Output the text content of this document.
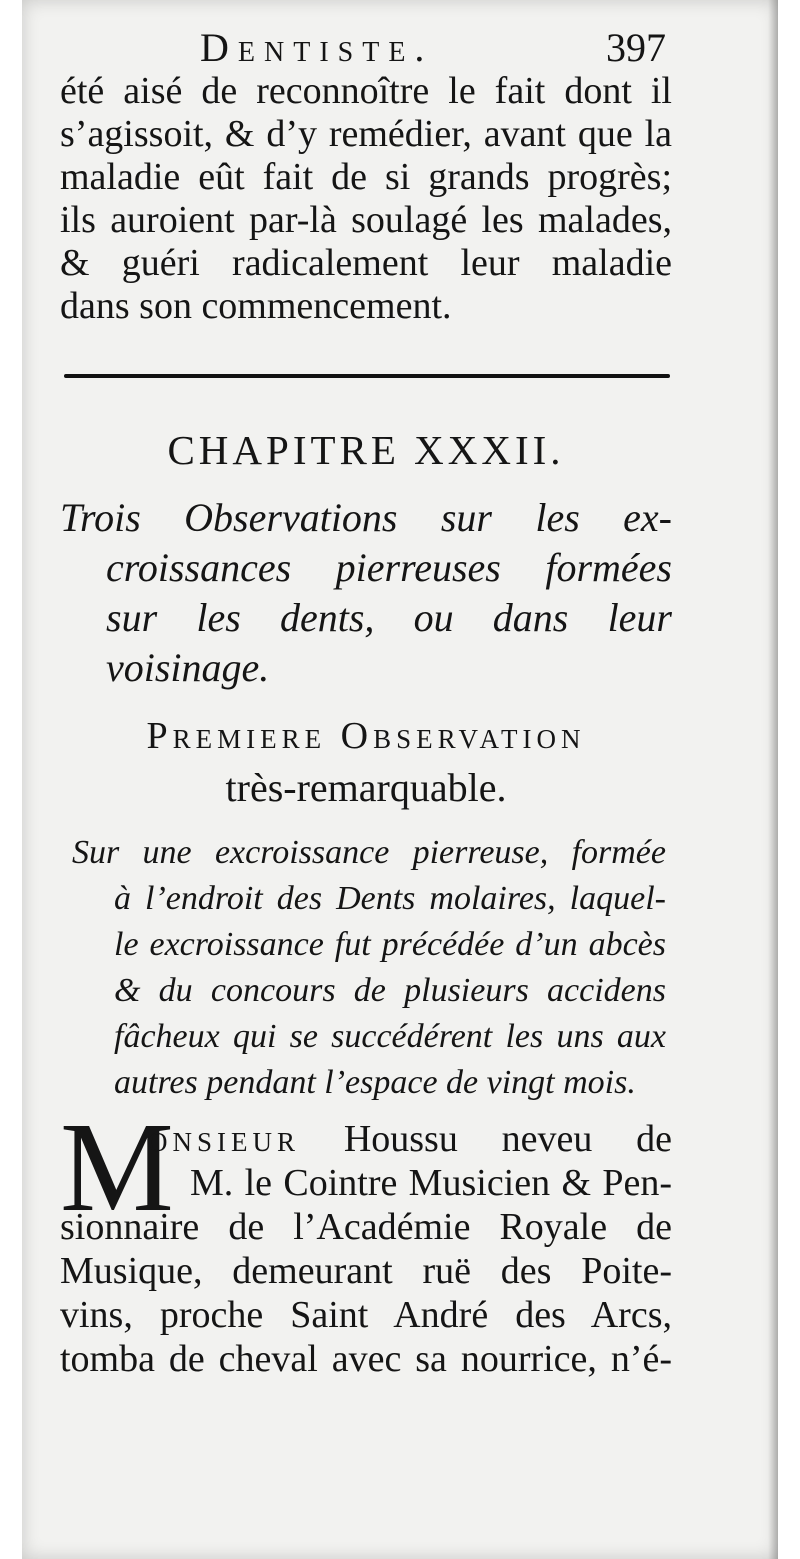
Dentiste.	397
été aisé de reconnoître le fait dont il
s’agissoit, & d’y remédier, avant que la
maladie eût fait de si grands progrès;
ils auroient par-là soulagé les malades,
& guéri radicalement leur maladie
dans son commencement.
CHAPITRE XXXII.
Trois Observations sur les ex-
croissances pierreuses formées
sur les dents, ou dans leur
voisinage.
Premiere Observation
très-remarquable.
Sur une excroissance pierreuse, formée
à l’endroit des Dents molaires, laquel-
le excroissance fut précédée d’un abcès
& du concours de plusieurs accidens
fâcheux qui se succédérent les uns aux
autres pendant l’espace de vingt mois.
M
onsieur Houssu neveu de
M. le Cointre Musicien & Pen-
sionnaire de l’Académie Royale de
Musique, demeurant ruë des Poite-
vins, proche Saint André des Arcs,
tomba de cheval avec sa nourrice, n’é-
